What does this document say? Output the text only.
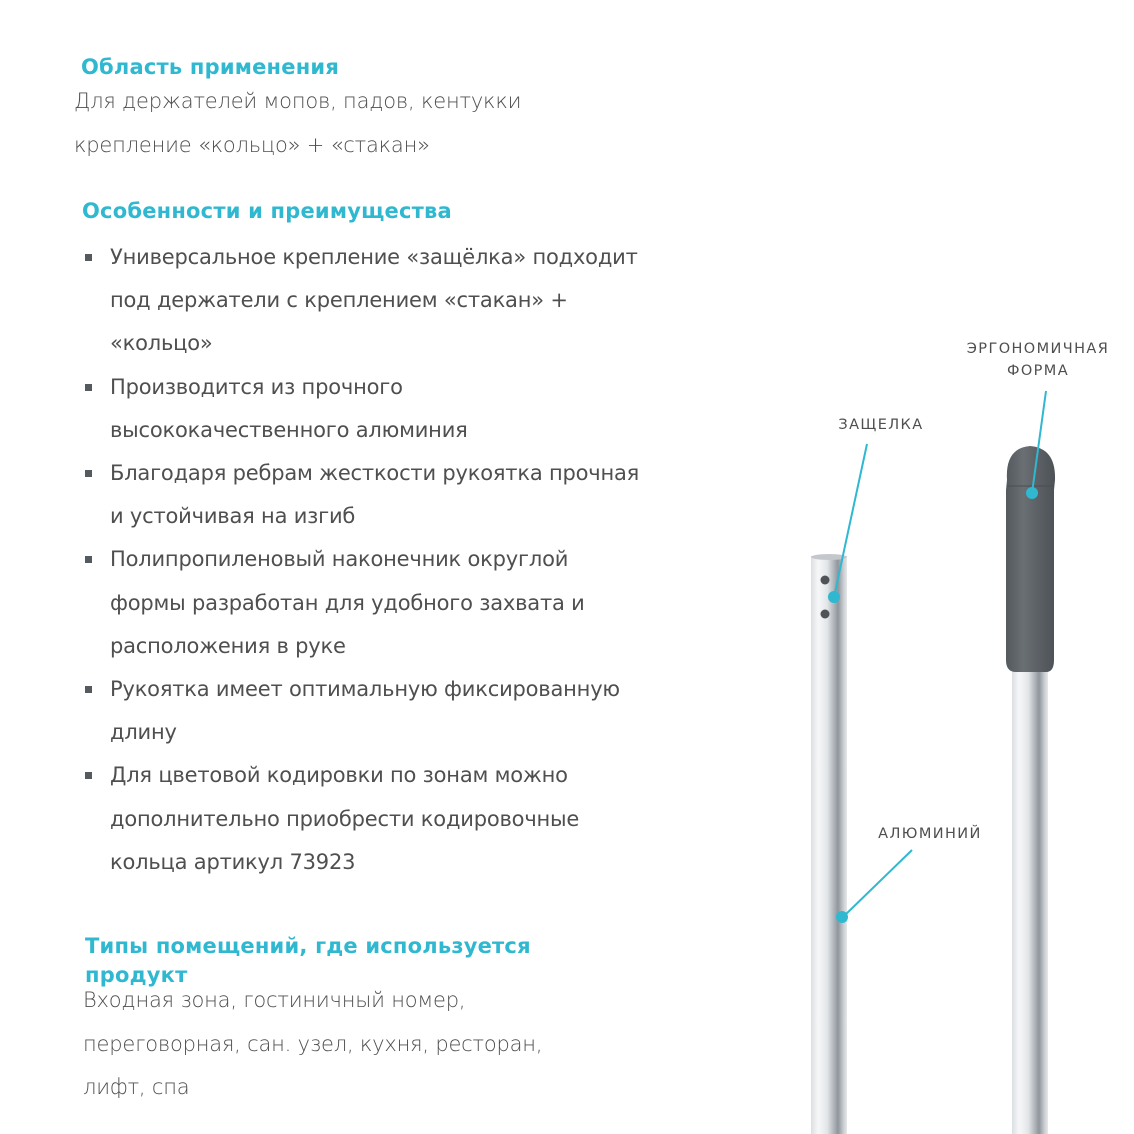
Область применения
Для держателей мопов, падов, кентукки
крепление «кольцо» + «стакан»
Особенности и преимущества
Универсальное крепление «защёлка» подходит
под держатели с креплением «стакан» +
«кольцо»
Производится из прочного
высококачественного алюминия
Благодаря ребрам жесткости рукоятка прочная
и устойчивая на изгиб
Полипропиленовый наконечник округлой
формы разработан для удобного захвата и
расположения в руке
Рукоятка имеет оптимальную фиксированную
длину
Для цветовой кодировки по зонам можно
дополнительно приобрести кодировочные
кольца артикул 73923
Типы помещений, где используется
продукт
Входная зона, гостиничный номер,
переговорная, сан. узел, кухня, ресторан,
лифт, спа
ЭРГОНОМИЧНАЯ
ФОРМА
ЗАЩЕЛКА
АЛЮМИНИЙ
